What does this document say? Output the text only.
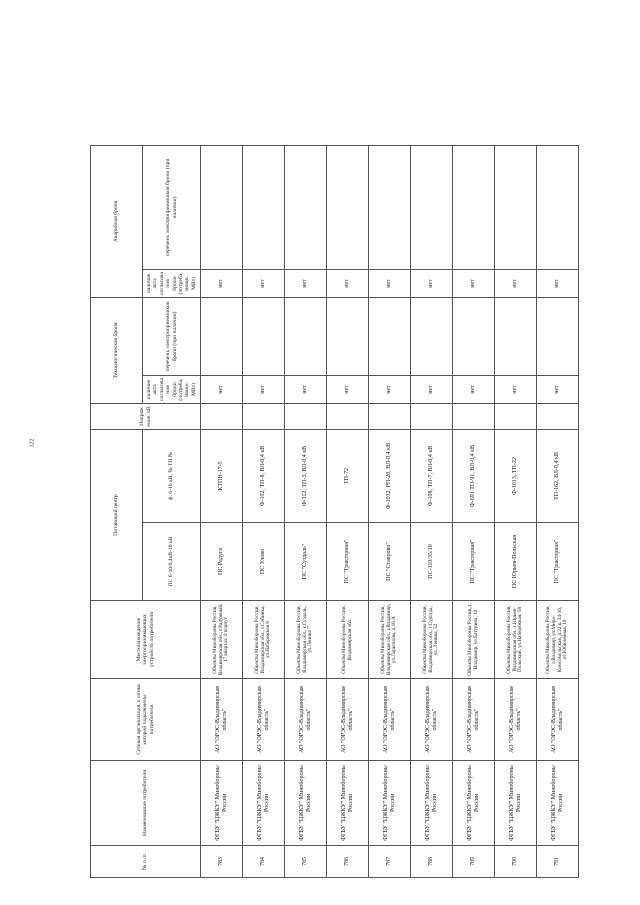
122
№ п./п.	Наименование потребителя	Сетевая организация, к сетям которой подключены потребители	Местонахождение энергопринимающих устройств потребителя	Питающий центр		Напряжение, кВ	Технологическая броня		Аварийная броня	
				ПС 6-10/0,4кВ-10 кВ	ф. 6-10 кВ, № ТП №		наличие акта согласования брони (потреба, мощн. МВт)	перечень электроприемников брони (при наличии)	наличие акта согласования брони (потреба, мощн. МВт)	перечень электроприемников брони (при наличии)
783	ФГБУ "ЦЖКУ" Минобороны России	АО "ОРЭС-Владимирская область"	Объекты Минобороны России, Владимирская обл., г.Радужный, 17 квартал, 9 корпус	ПС Радуга	КТПН-17-5		нет		нет	
784	ФГБУ "ЦЖКУ" Минобороны России	АО "ОРЭС-Владимирская область"	Объекты Минобороны России, Владимирская обл., г.Собинка, ул.Набережная 8	ПС Улово	Ф-102, ТП-8, ВЛ-0,4 кВ		нет		нет	
785	ФГБУ "ЦЖКУ" Минобороны России	АО "ОРЭС-Владимирская область"	Объекты Минобороны России, Владимирская обл., г.Суздаль, ул.Ленина 7	ПС "Суздаль"	Ф-112, ТП-3, ВЛ-0,4 кВ		нет		нет	
786	ФГБУ "ЦЖКУ" Минобороны России	АО "ОРЭС-Владимирская область"	Объекты Минобороны России, Владимирская обл.	ПС "Тракторная"	ТП-72		нет		нет	
787	ФГБУ "ЦЖКУ" Минобороны России	АО "ОРЭС-Владимирская область"	Объекты Минобороны России, Владимирская обл., г.Владимир, ул.Ларионова, д.18 А	ПС "Ставрово"	Ф-1032, РП-20, ВЛ-0,4 кВ		нет		нет	
788	ФГБУ "ЦЖКУ" Минобороны России	АО "ОРЭС-Владимирская область"	Объекты Минобороны России, Владимирская обл., г.Судогда, ул. Ленина, 52	ПС-110/35/10	Ф-108, ТП-7, ВЛ-0,4 кВ		нет		нет	
789	ФГБУ "ЦЖКУ" Минобороны России	АО "ОРЭС-Владимирская область"	Объекты Минобороны России, г. Владимир, ул.Батурина, 10	ПС "Тракторная"	Ф-691 ТП-91, ВЛ-0,4 кВ		нет		нет	
790	ФГБУ "ЦЖКУ" Минобороны России	АО "ОРЭС-Владимирская область"	Объекты Минобороны России, Владимирская обл., г.Юрьев-Польский, ул.Набережная, 58	ПС Юрьев-Польская	Ф-1013, ТП-22		нет		нет	
791	ФГБУ "ЦЖКУ" Минобороны России	АО "ОРЭС-Владимирская область"	Объекты Минобороны России, г.Владимир, ул.Мира-Комсомольская, д.22 к. 34-36, ул.Юбилейная, 10	ПС "Тракторная"	ТП-162, ВЛ-0,4 кВ		нет		нет	
